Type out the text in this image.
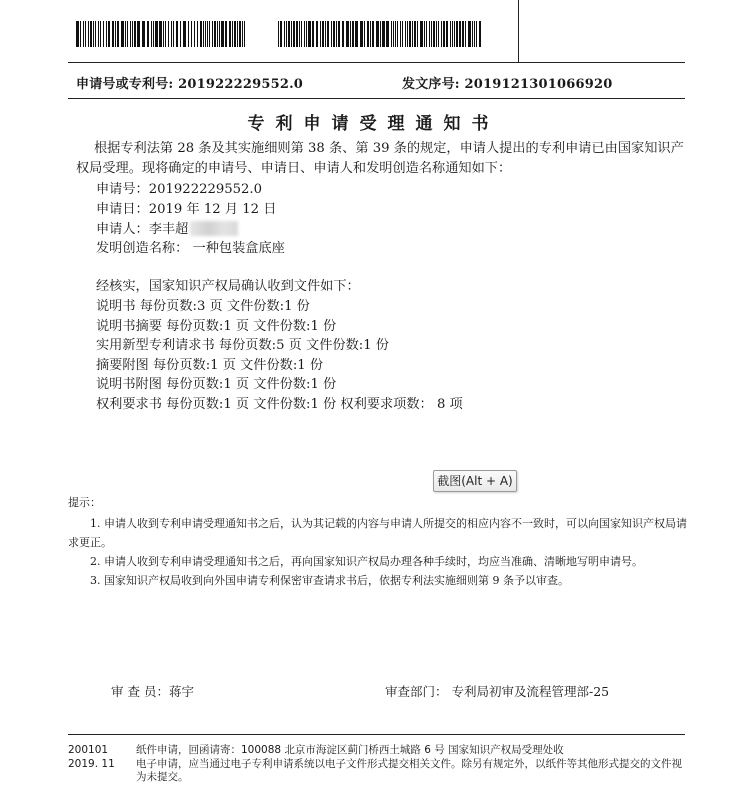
申请号或专利号: 201922229552.0	发文序号: 2019121301066920
专利申请受理通知书
根据专利法第 28 条及其实施细则第 38 条、第 39 条的规定，申请人提出的专利申请已由国家知识产权局受理。现将确定的申请号、申请日、申请人和发明创造名称通知如下：
申请号：201922229552.0
申请日：2019 年 12 月 12 日
申请人：李丰超
发明创造名称： 一种包装盒底座
经核实，国家知识产权局确认收到文件如下：
说明书 每份页数:3 页 文件份数:1 份
说明书摘要 每份页数:1 页 文件份数:1 份
实用新型专利请求书 每份页数:5 页 文件份数:1 份
摘要附图 每份页数:1 页 文件份数:1 份
说明书附图 每份页数:1 页 文件份数:1 份
权利要求书 每份页数:1 页 文件份数:1 份 权利要求项数： 8 项
截图(Alt + A)
提示：
1. 申请人收到专利申请受理通知书之后，认为其记载的内容与申请人所提交的相应内容不一致时，可以向国家知识产权局请求更正。
2. 申请人收到专利申请受理通知书之后，再向国家知识产权局办理各种手续时，均应当准确、清晰地写明申请号。
3. 国家知识产权局收到向外国申请专利保密审查请求书后，依据专利法实施细则第 9 条予以审查。
审 查 员：蒋宇	审查部门： 专利局初审及流程管理部-25
200101	纸件申请，回函请寄：100088 北京市海淀区蓟门桥西土城路 6 号 国家知识产权局受理处收
2019. 11 电子申请，应当通过电子专利申请系统以电子文件形式提交相关文件。除另有规定外，以纸件等其他形式提交的文件视为未提交。
